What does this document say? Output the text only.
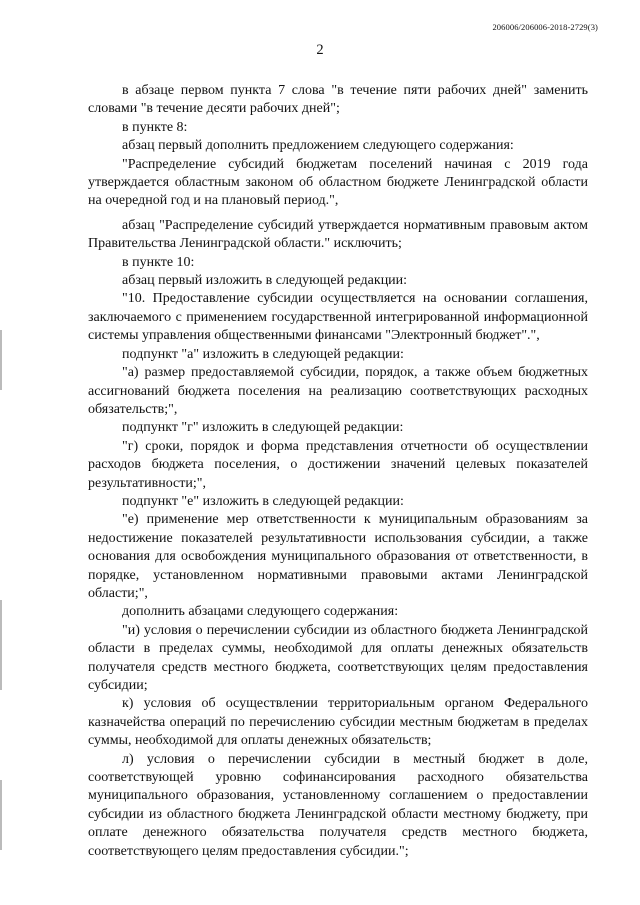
206006/206006-2018-2729(3)
2

в абзаце первом пункта 7 слова "в течение пяти рабочих дней" заменить словами "в течение десяти рабочих дней";

в пункте 8:

абзац первый дополнить предложением следующего содержания:

"Распределение субсидий бюджетам поселений начиная с 2019 года утверждается областным законом об областном бюджете Ленинградской области на очередной год и на плановый период.",

абзац "Распределение субсидий утверждается нормативным правовым актом Правительства Ленинградской области." исключить;

в пункте 10:

абзац первый изложить в следующей редакции:

"10. Предоставление субсидии осуществляется на основании соглашения, заключаемого с применением государственной интегрированной информационной системы управления общественными финансами "Электронный бюджет".",

подпункт "а" изложить в следующей редакции:

"а) размер предоставляемой субсидии, порядок, а также объем бюджетных ассигнований бюджета поселения на реализацию соответствующих расходных обязательств;",

подпункт "г" изложить в следующей редакции:

"г) сроки, порядок и форма представления отчетности об осуществлении расходов бюджета поселения, о достижении значений целевых показателей результативности;",

подпункт "е" изложить в следующей редакции:

"е) применение мер ответственности к муниципальным образованиям за недостижение показателей результативности использования субсидии, а также основания для освобождения муниципального образования от ответственности, в порядке, установленном нормативными правовыми актами Ленинградской области;",

дополнить абзацами следующего содержания:

"и) условия о перечислении субсидии из областного бюджета Ленинградской области в пределах суммы, необходимой для оплаты денежных обязательств получателя средств местного бюджета, соответствующих целям предоставления субсидии;

к) условия об осуществлении территориальным органом Федерального казначейства операций по перечислению субсидии местным бюджетам в пределах суммы, необходимой для оплаты денежных обязательств;

л) условия о перечислении субсидии в местный бюджет в доле, соответствующей уровню софинансирования расходного обязательства муниципального образования, установленному соглашением о предоставлении субсидии из областного бюджета Ленинградской области местному бюджету, при оплате денежного обязательства получателя средств местного бюджета, соответствующего целям предоставления субсидии.";
